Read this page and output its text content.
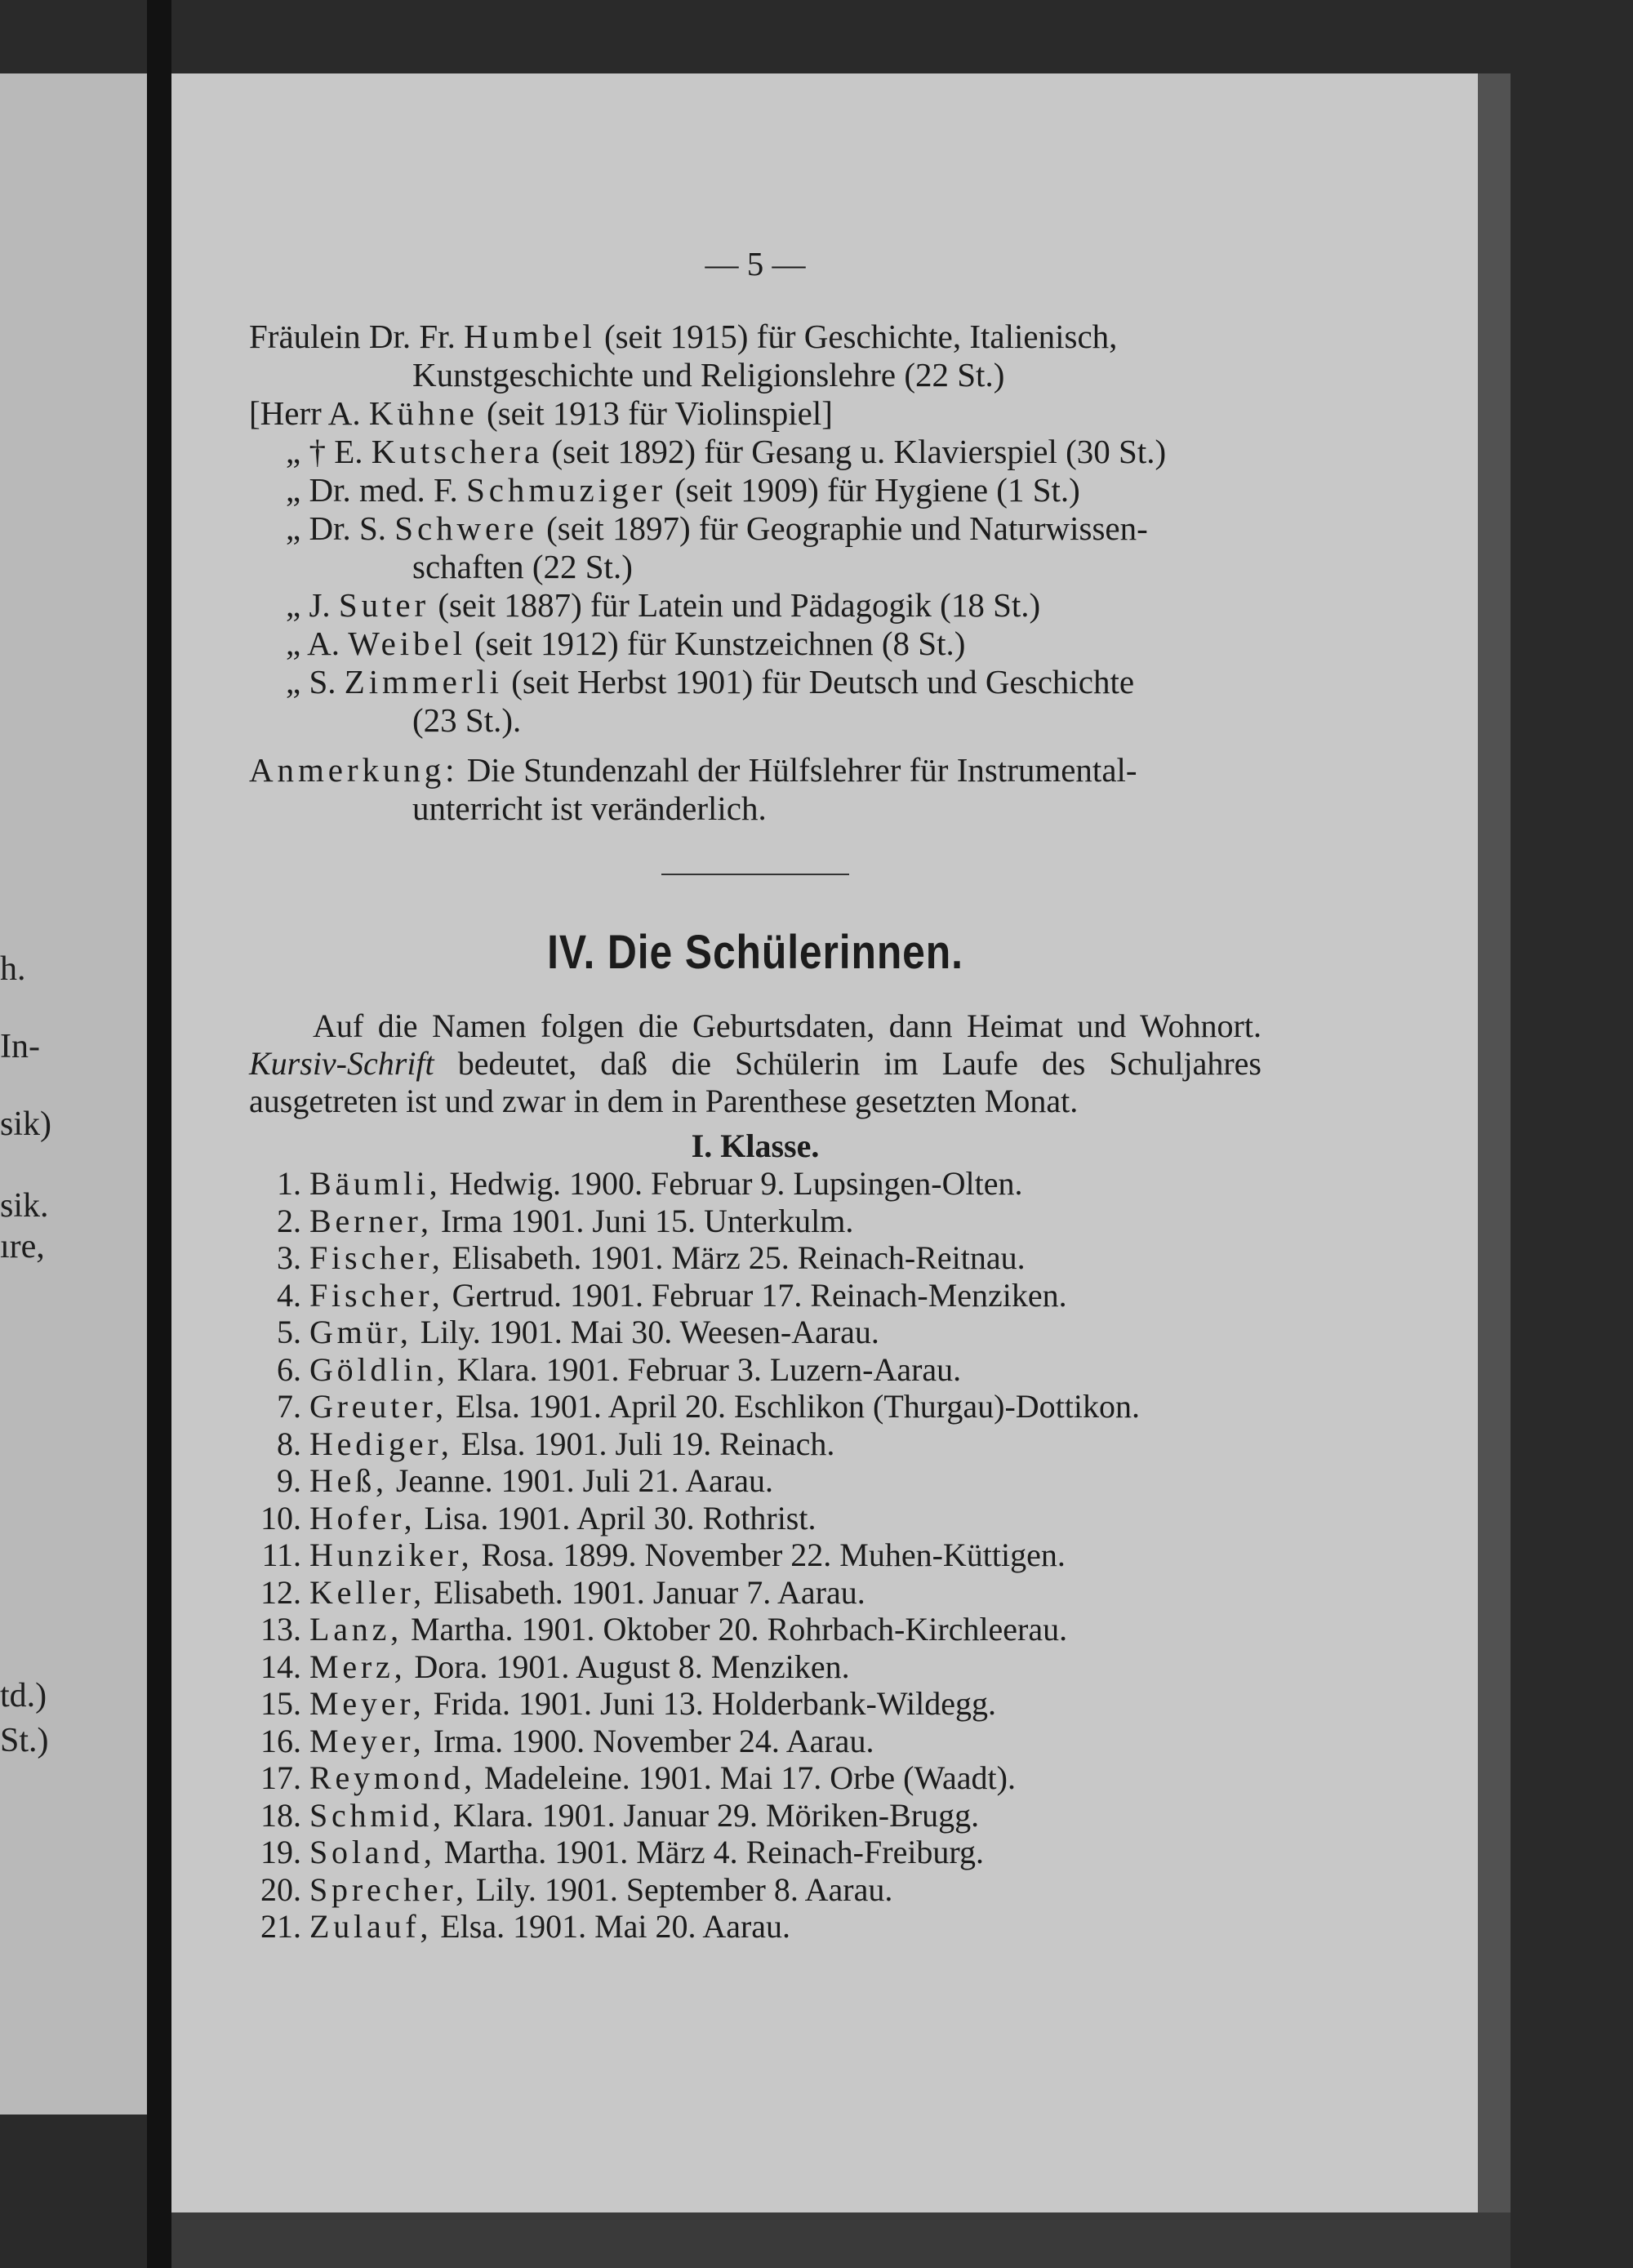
h.
In-
sik)
sik.
ıre,
td.)
St.)
— 5 —
Fräulein Dr. Fr. Humbel (seit 1915) für Geschichte, Italienisch,
Kunstgeschichte und Religionslehre (22 St.)
[Herr A. Kühne (seit 1913 für Violinspiel]
„ † E. Kutschera (seit 1892) für Gesang u. Klavierspiel (30 St.)
„ Dr. med. F. Schmuziger (seit 1909) für Hygiene (1 St.)
„ Dr. S. Schwere (seit 1897) für Geographie und Naturwissen-
schaften (22 St.)
„ J. Suter (seit 1887) für Latein und Pädagogik (18 St.)
„ A. Weibel (seit 1912) für Kunstzeichnen (8 St.)
„ S. Zimmerli (seit Herbst 1901) für Deutsch und Geschichte
(23 St.).
Anmerkung: Die Stundenzahl der Hülfslehrer für Instrumental-
unterricht ist veränderlich.
IV. Die Schülerinnen.
Auf die Namen folgen die Geburtsdaten, dann Heimat und Wohnort. Kursiv-Schrift bedeutet, daß die Schülerin im Laufe des Schuljahres ausgetreten ist und zwar in dem in Parenthese gesetzten Monat.
I. Klasse.
1. Bäumli, Hedwig. 1900. Februar 9. Lupsingen-Olten.
2. Berner, Irma 1901. Juni 15. Unterkulm.
3. Fischer, Elisabeth. 1901. März 25. Reinach-Reitnau.
4. Fischer, Gertrud. 1901. Februar 17. Reinach-Menziken.
5. Gmür, Lily. 1901. Mai 30. Weesen-Aarau.
6. Göldlin, Klara. 1901. Februar 3. Luzern-Aarau.
7. Greuter, Elsa. 1901. April 20. Eschlikon (Thurgau)-Dottikon.
8. Hediger, Elsa. 1901. Juli 19. Reinach.
9. Heß, Jeanne. 1901. Juli 21. Aarau.
10. Hofer, Lisa. 1901. April 30. Rothrist.
11. Hunziker, Rosa. 1899. November 22. Muhen-Küttigen.
12. Keller, Elisabeth. 1901. Januar 7. Aarau.
13. Lanz, Martha. 1901. Oktober 20. Rohrbach-Kirchleerau.
14. Merz, Dora. 1901. August 8. Menziken.
15. Meyer, Frida. 1901. Juni 13. Holderbank-Wildegg.
16. Meyer, Irma. 1900. November 24. Aarau.
17. Reymond, Madeleine. 1901. Mai 17. Orbe (Waadt).
18. Schmid, Klara. 1901. Januar 29. Möriken-Brugg.
19. Soland, Martha. 1901. März 4. Reinach-Freiburg.
20. Sprecher, Lily. 1901. September 8. Aarau.
21. Zulauf, Elsa. 1901. Mai 20. Aarau.
